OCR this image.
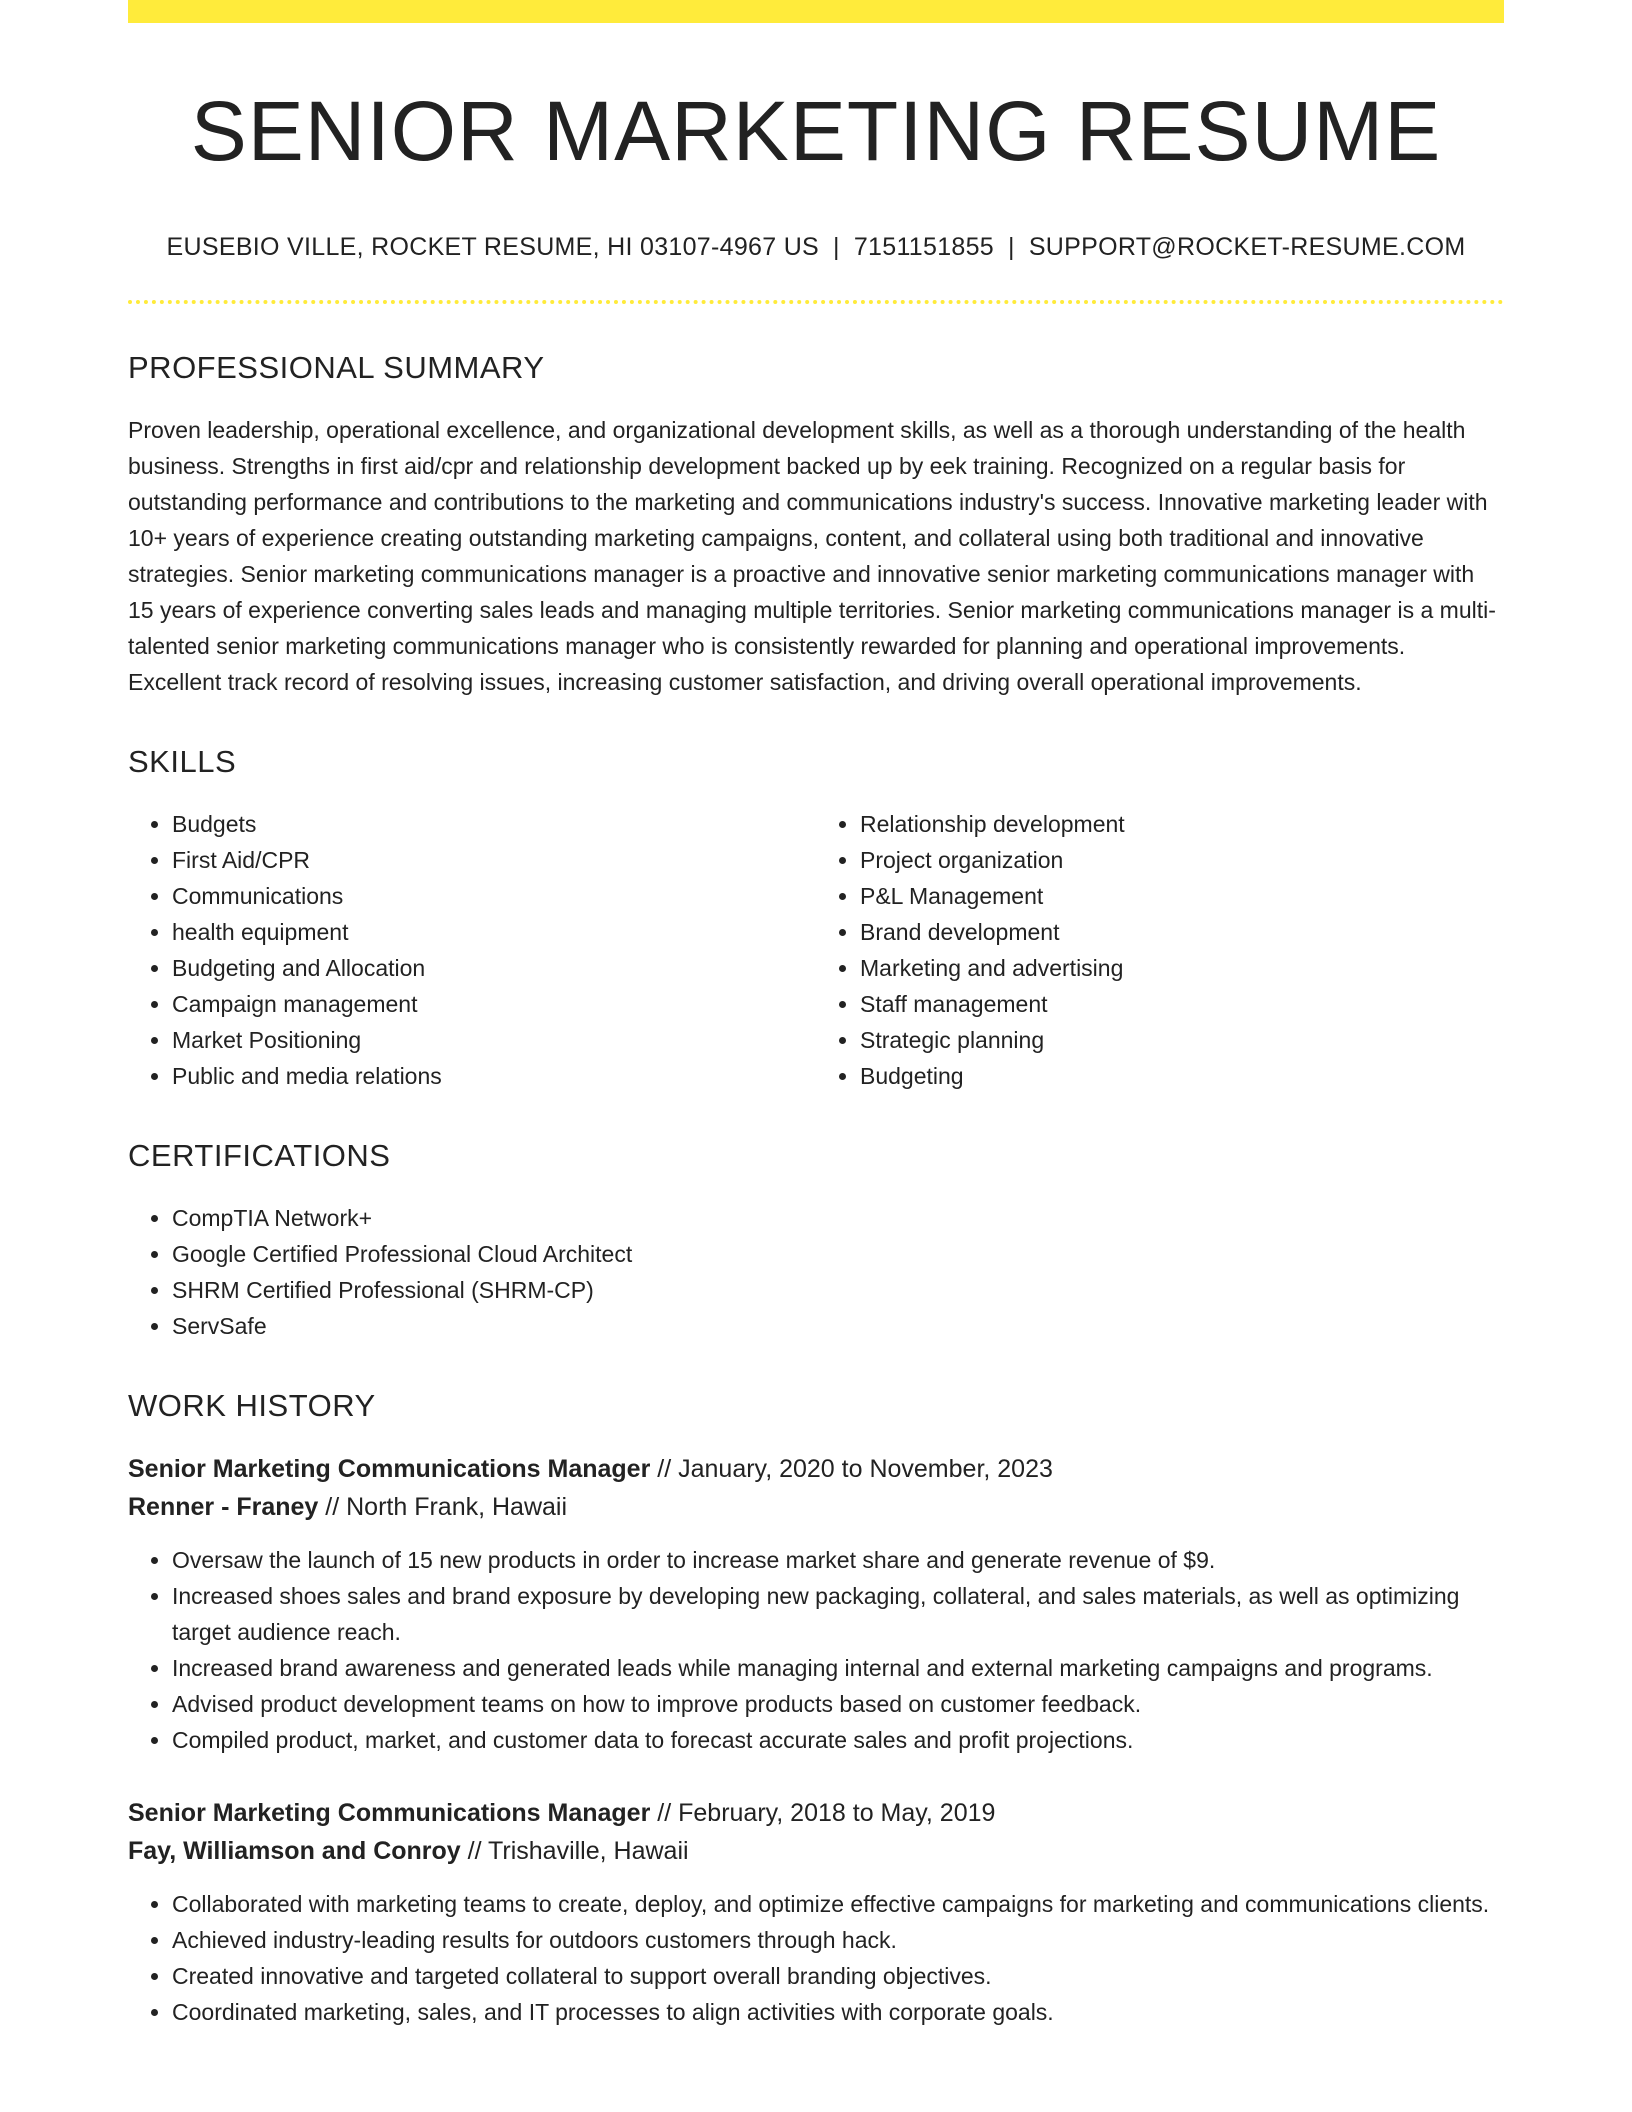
SENIOR MARKETING RESUME
EUSEBIO VILLE, ROCKET RESUME, HI 03107-4967 US | 7151151855 | SUPPORT@ROCKET-RESUME.COM
PROFESSIONAL SUMMARY

Proven leadership, operational excellence, and organizational development skills, as well as a thorough understanding of the health business. Strengths in first aid/cpr and relationship development backed up by eek training. Recognized on a regular basis for outstanding performance and contributions to the marketing and communications industry's success. Innovative marketing leader with 10+ years of experience creating outstanding marketing campaigns, content, and collateral using both traditional and innovative strategies. Senior marketing communications manager is a proactive and innovative senior marketing communications manager with 15 years of experience converting sales leads and managing multiple territories. Senior marketing communications manager is a multi-talented senior marketing communications manager who is consistently rewarded for planning and operational improvements. Excellent track record of resolving issues, increasing customer satisfaction, and driving overall operational improvements.

SKILLS
• Budgets
• First Aid/CPR
• Communications
• health equipment
• Budgeting and Allocation
• Campaign management
• Market Positioning
• Public and media relations
• Relationship development
• Project organization
• P&L Management
• Brand development
• Marketing and advertising
• Staff management
• Strategic planning
• Budgeting
CERTIFICATIONS
• CompTIA Network+
• Google Certified Professional Cloud Architect
• SHRM Certified Professional (SHRM-CP)
• ServSafe
WORK HISTORY
Senior Marketing Communications Manager // January, 2020 to November, 2023
Renner - Franey // North Frank, Hawaii
• Oversaw the launch of 15 new products in order to increase market share and generate revenue of $9.
• Increased shoes sales and brand exposure by developing new packaging, collateral, and sales materials, as well as optimizing target audience reach.
• Increased brand awareness and generated leads while managing internal and external marketing campaigns and programs.
• Advised product development teams on how to improve products based on customer feedback.
• Compiled product, market, and customer data to forecast accurate sales and profit projections.
Senior Marketing Communications Manager // February, 2018 to May, 2019
Fay, Williamson and Conroy // Trishaville, Hawaii
• Collaborated with marketing teams to create, deploy, and optimize effective campaigns for marketing and communications clients.
• Achieved industry-leading results for outdoors customers through hack.
• Created innovative and targeted collateral to support overall branding objectives.
• Coordinated marketing, sales, and IT processes to align activities with corporate goals.
